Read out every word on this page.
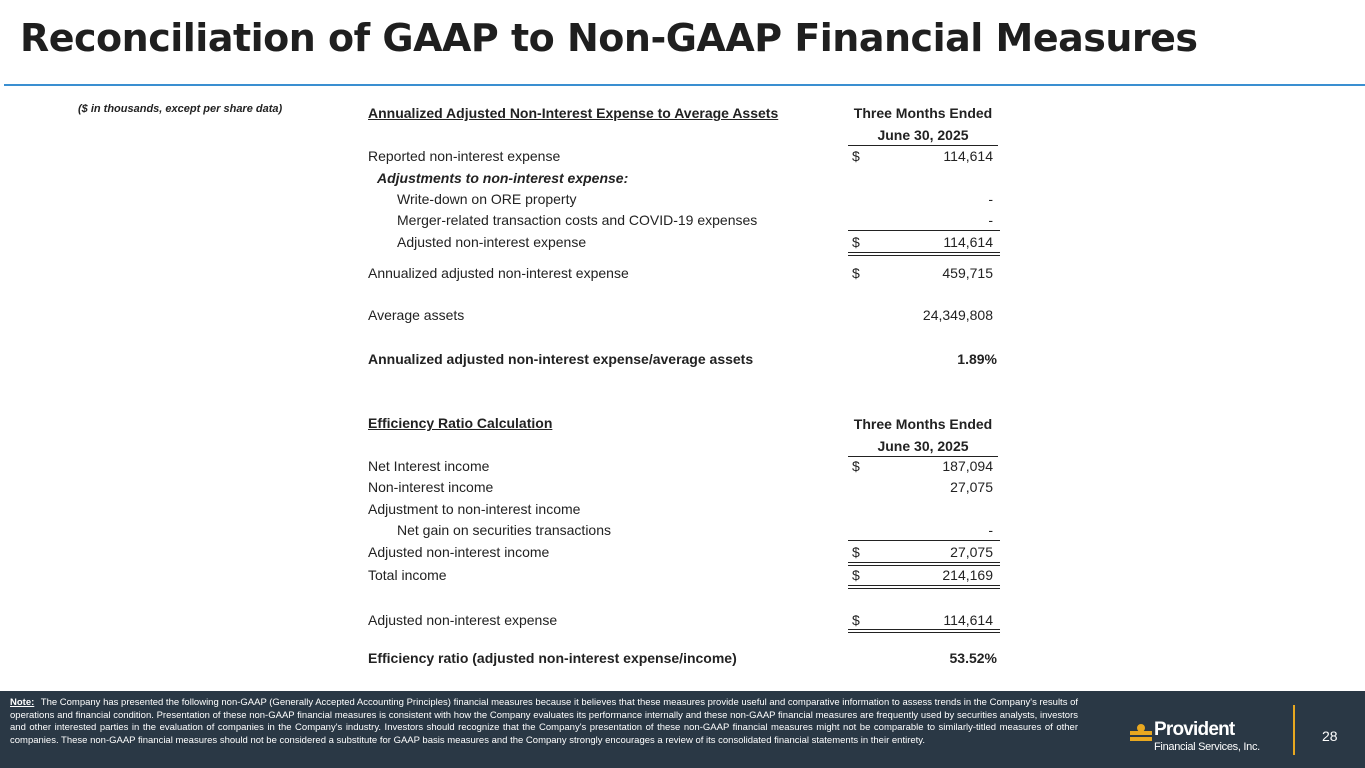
Reconciliation of GAAP to Non-GAAP Financial Measures
($ in thousands, except per share data)	Annualized Adjusted Non-Interest Expense to Average Assets	Three Months Ended
June 30, 2025
Reported non-interest expense	$	114,614
Adjustments to non-interest expense:
Write-down on ORE property	-
Merger-related transaction costs and COVID-19 expenses	-
Adjusted non-interest expense	$	114,614
Annualized adjusted non-interest expense	$	459,715
Average assets	24,349,808
Annualized adjusted non-interest expense/average assets	1.89%
Efficiency Ratio Calculation	Three Months Ended
June 30, 2025
Net Interest income	$	187,094
Non-interest income	27,075
Adjustment to non-interest income
Net gain on securities transactions	-
Adjusted non-interest income	$	27,075
Total income	$	214,169
Adjusted non-interest expense	$	114,614
Efficiency ratio (adjusted non-interest expense/income)	53.52%
Note: The Company has presented the following non-GAAP (Generally Accepted Accounting Principles) financial measures because it believes that these measures provide useful and comparative information to assess trends in the Company's results of operations and financial condition. Presentation of these non-GAAP financial measures is consistent with how the Company evaluates its performance internally and these non-GAAP financial measures are frequently used by securities analysts, investors and other interested parties in the evaluation of companies in the Company's industry. Investors should recognize that the Company's presentation of these non-GAAP financial measures might not be comparable to similarly-titled measures of other companies. These non-GAAP financial measures should not be considered a substitute for GAAP basis measures and the Company strongly encourages a review of its consolidated financial statements in their entirety.
Provident
Financial Services, Inc.
28
